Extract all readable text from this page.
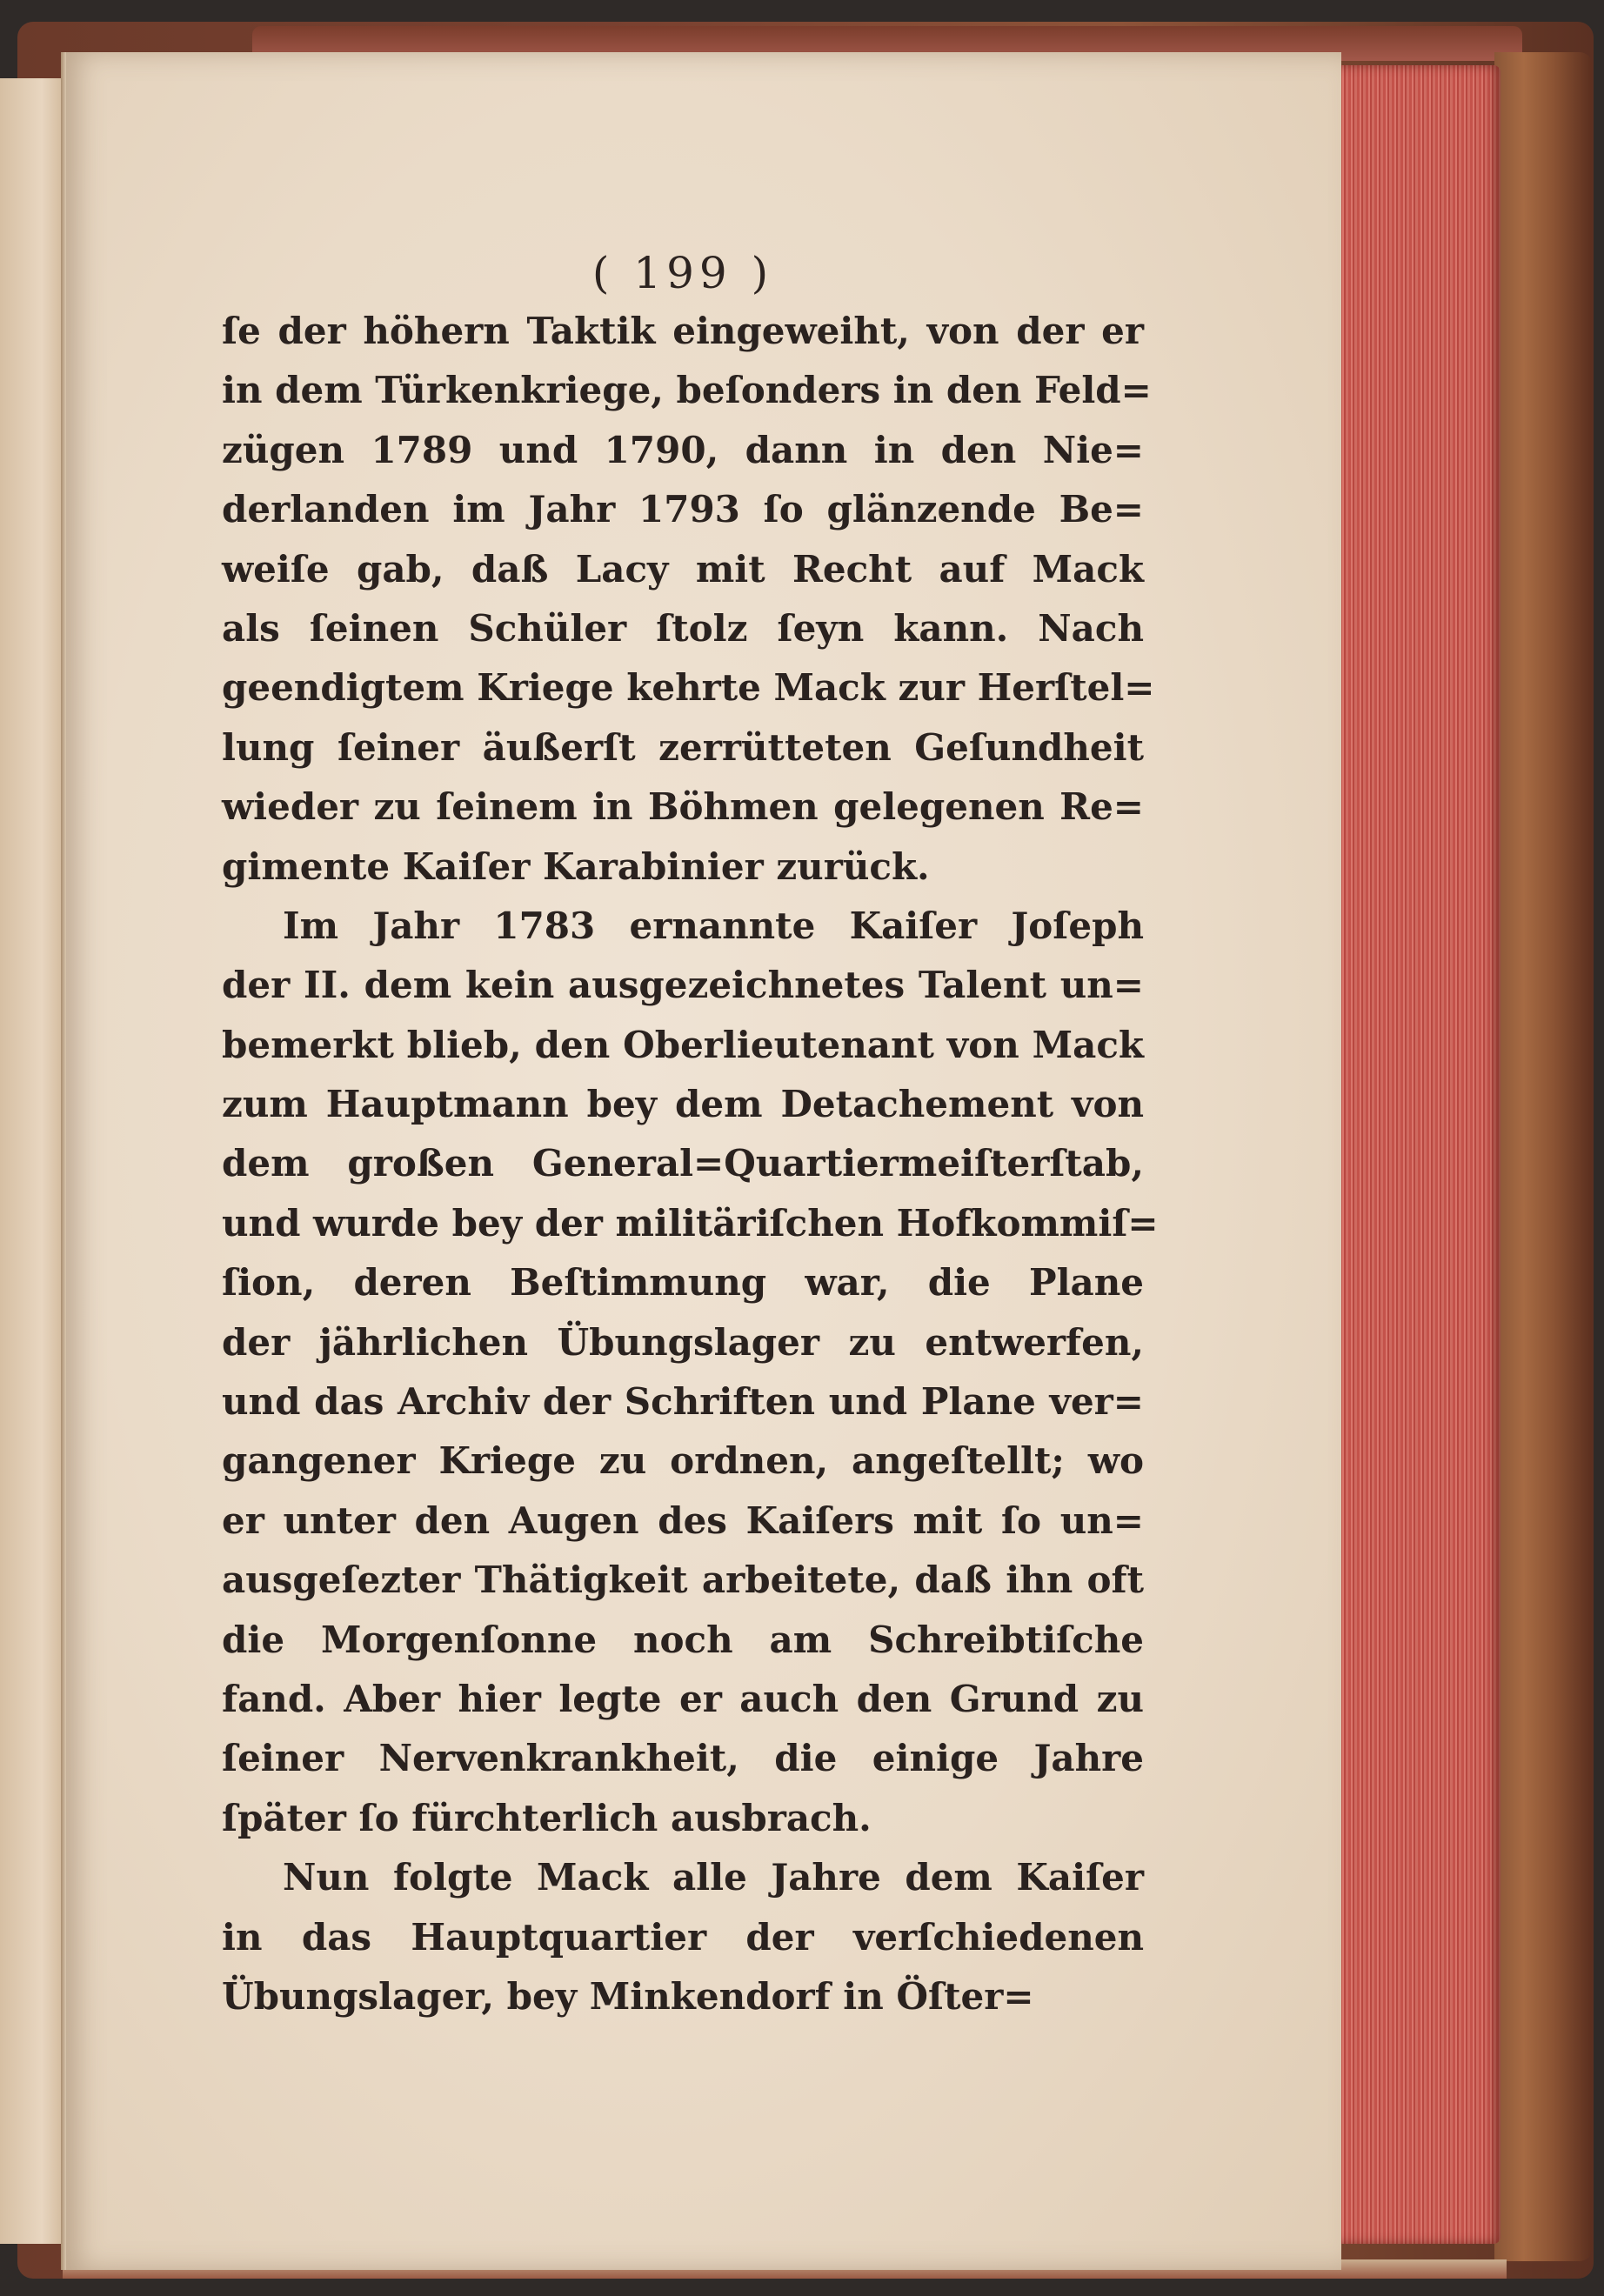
( 199 )
ſe der höhern Taktik eingeweiht, von der er
in dem Türkenkriege, beſonders in den Feld=
zügen 1789 und 1790, dann in den Nie=
derlanden im Jahr 1793 ſo glänzende Be=
weiſe gab, daß Lacy mit Recht auf Mack
als ſeinen Schüler ſtolz ſeyn kann. Nach
geendigtem Kriege kehrte Mack zur Herſtel=
lung ſeiner äußerſt zerrütteten Geſundheit
wieder zu ſeinem in Böhmen gelegenen Re=
gimente Kaiſer Karabinier zurück.
Im Jahr 1783 ernannte Kaiſer Joſeph
der II. dem kein ausgezeichnetes Talent un=
bemerkt blieb, den Oberlieutenant von Mack
zum Hauptmann bey dem Detachement von
dem großen General=Quartiermeiſterſtab,
und wurde bey der militäriſchen Hofkommiſ=
ſion, deren Beſtimmung war, die Plane
der jährlichen Übungslager zu entwerfen,
und das Archiv der Schriften und Plane ver=
gangener Kriege zu ordnen, angeſtellt; wo
er unter den Augen des Kaiſers mit ſo un=
ausgeſezter Thätigkeit arbeitete, daß ihn oft
die Morgenſonne noch am Schreibtiſche
fand. Aber hier legte er auch den Grund zu
ſeiner Nervenkrankheit, die einige Jahre
ſpäter ſo fürchterlich ausbrach.
Nun folgte Mack alle Jahre dem Kaiſer
in das Hauptquartier der verſchiedenen
Übungslager, bey Minkendorf in Öſter=
